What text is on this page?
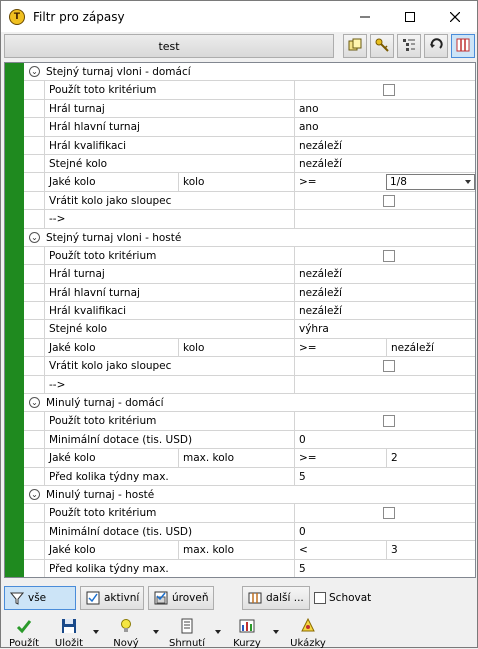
T	Filtr pro zápasy
test
⌄ Stejný turnaj vloni - domácí
Použít toto kritérium
Hrál turnaj	ano
Hrál hlavní turnaj	ano
Hrál kvalifikaci	nezáleží
Stejné kolo	nezáleží
Jaké kolo	kolo	>=	1/8
Vrátit kolo jako sloupec
-->
⌄ Stejný turnaj vloni - hosté
Použít toto kritérium
Hrál turnaj	nezáleží
Hrál hlavní turnaj	nezáleží
Hrál kvalifikaci	nezáleží
Stejné kolo	výhra
Jaké kolo	kolo	>=	nezáleží
Vrátit kolo jako sloupec
-->
⌄ Minulý turnaj - domácí
Použít toto kritérium
Minimální dotace (tis. USD)	0
Jaké kolo	max. kolo	>=	2
Před kolika týdny max.	5
⌄ Minulý turnaj - hosté
Použít toto kritérium
Minimální dotace (tis. USD)	0
Jaké kolo	max. kolo	<	3
Před kolika týdny max.	5
vše	aktivní	úroveň	další ... Schovat
Použít Uložit	Nový	Shrnutí	Kurzy	Ukázky
